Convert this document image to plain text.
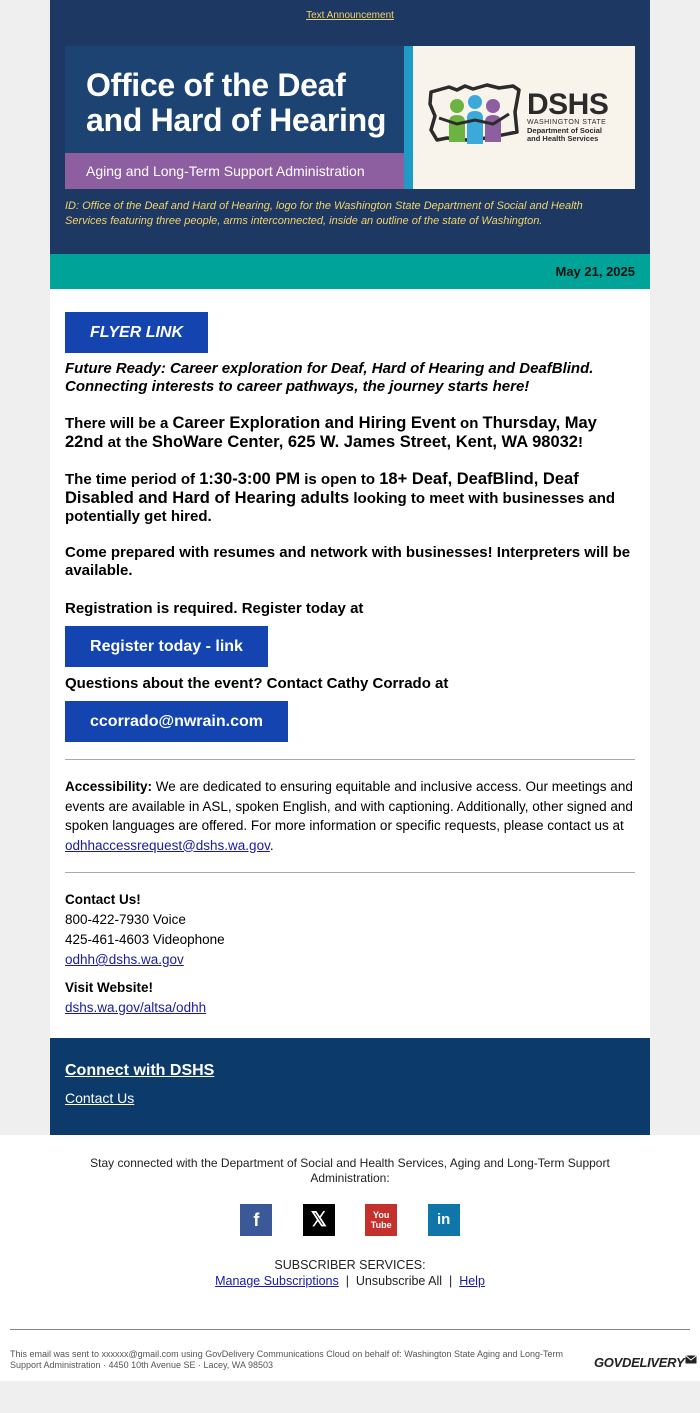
Text Announcement
Office of the Deaf
and Hard of Hearing
Aging and Long-Term Support Administration
DSHS
WASHINGTON STATE
Department of Social
and Health Services
ID: Office of the Deaf and Hard of Hearing, logo for the Washington State Department of Social and Health Services featuring three people, arms interconnected, inside an outline of the state of Washington.
May 21, 2025
FLYER LINK
Future Ready: Career exploration for Deaf, Hard of Hearing and DeafBlind. Connecting interests to career pathways, the journey starts here!
There will be a Career Exploration and Hiring Event on Thursday, May 22nd at the ShoWare Center, 625 W. James Street, Kent, WA 98032!
The time period of 1:30-3:00 PM is open to 18+ Deaf, DeafBlind, Deaf Disabled and Hard of Hearing adults looking to meet with businesses and potentially get hired.
Come prepared with resumes and network with businesses! Interpreters will be available.
Registration is required. Register today at
Register today - link
Questions about the event? Contact Cathy Corrado at
ccorrado@nwrain.com
Accessibility: We are dedicated to ensuring equitable and inclusive access. Our meetings and events are available in ASL, spoken English, and with captioning. Additionally, other signed and spoken languages are offered. For more information or specific requests, please contact us at odhhaccessrequest@dshs.wa.gov.
Contact Us!
800-422-7930 Voice
425-461-4603 Videophone
odhh@dshs.wa.gov
Visit Website!
dshs.wa.gov/altsa/odhh
Connect with DSHS
Contact Us
Stay connected with the Department of Social and Health Services, Aging and Long-Term Support Administration:
f	𝕏	You Tube	in
SUBSCRIBER SERVICES:
Manage Subscriptions  |  Unsubscribe All  |  Help
This email was sent to xxxxxx@gmail.com using GovDelivery Communications Cloud on behalf of: Washington State Aging and Long-Term Support Administration · 4450 10th Avenue SE · Lacey, WA 98503	GOVDELIVERY
